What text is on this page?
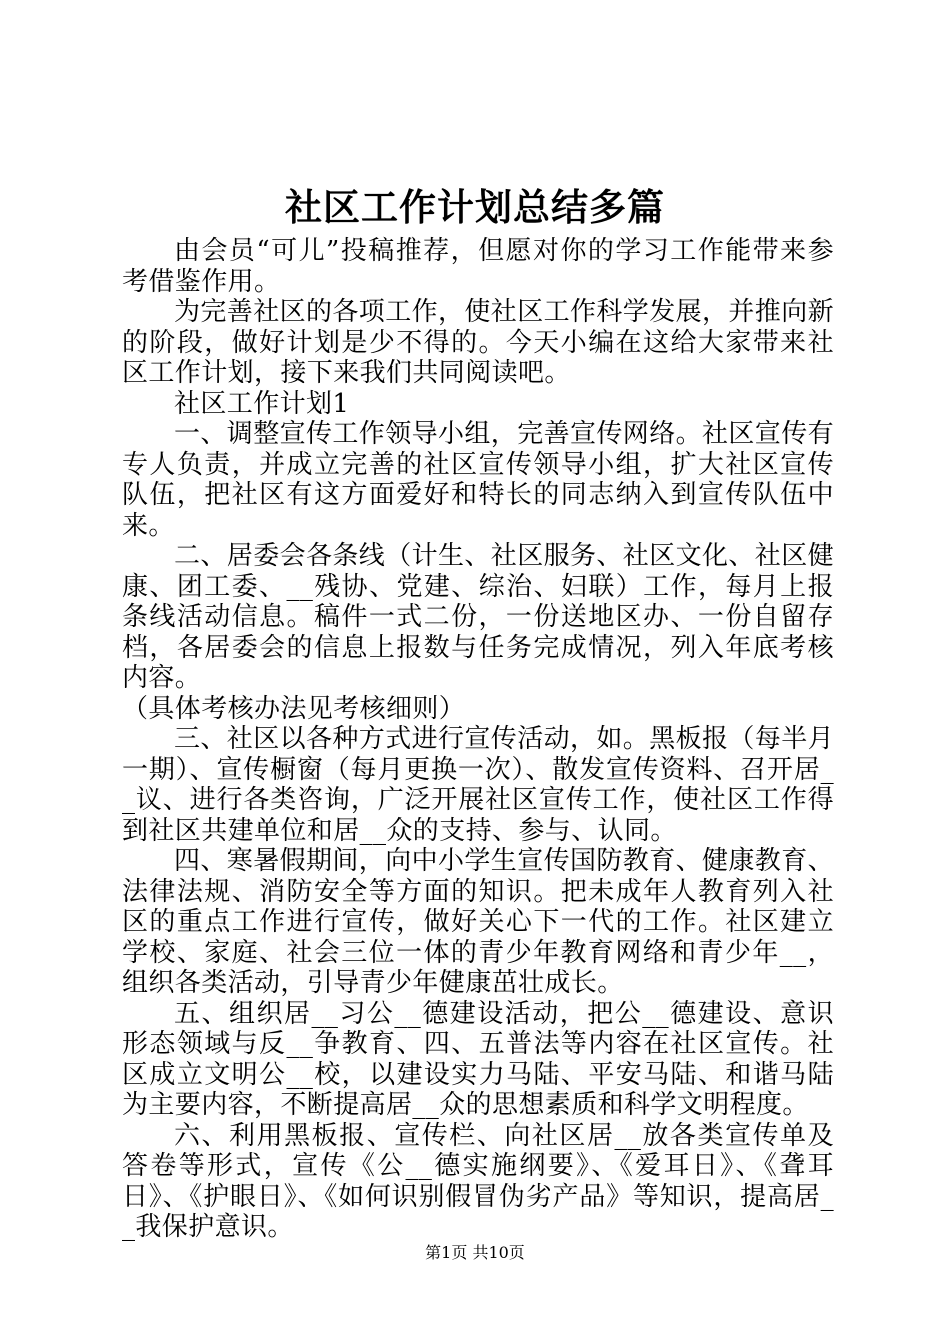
社区工作计划总结多篇

由会员“可儿”投稿推荐，但愿对你的学习工作能带来参考借鉴作用。

为完善社区的各项工作，使社区工作科学发展，并推向新的阶段，做好计划是少不得的。今天小编在这给大家带来社区工作计划，接下来我们共同阅读吧。

社区工作计划1

一、调整宣传工作领导小组，完善宣传网络。社区宣传有专人负责，并成立完善的社区宣传领导小组，扩大社区宣传队伍，把社区有这方面爱好和特长的同志纳入到宣传队伍中来。

二、居委会各条线（计生、社区服务、社区文化、社区健康、团工委、__残协、党建、综治、妇联）工作，每月上报条线活动信息。稿件一式二份，一份送地区办、一份自留存档，各居委会的信息上报数与任务完成情况，列入年底考核内容。

（具体考核办法见考核细则）

三、社区以各种方式进行宣传活动，如。黑板报（每半月一期）、宣传橱窗（每月更换一次）、散发宣传资料、召开居__议、进行各类咨询，广泛开展社区宣传工作，使社区工作得到社区共建单位和居__众的支持、参与、认同。

四、寒暑假期间，向中小学生宣传国防教育、健康教育、法律法规、消防安全等方面的知识。把未成年人教育列入社区的重点工作进行宣传，做好关心下一代的工作。社区建立学校、家庭、社会三位一体的青少年教育网络和青少年__，组织各类活动，引导青少年健康茁壮成长。

五、组织居__习公__德建设活动，把公__德建设、意识形态领域与反__争教育、四、五普法等内容在社区宣传。社区成立文明公__校，以建设实力马陆、平安马陆、和谐马陆为主要内容，不断提高居__众的思想素质和科学文明程度。

六、利用黑板报、宣传栏、向社区居__放各类宣传单及答卷等形式，宣传《公__德实施纲要》、《爱耳日》、《聋耳日》、《护眼日》、《如何识别假冒伪劣产品》等知识，提高居__我保护意识。

第1页 共10页
